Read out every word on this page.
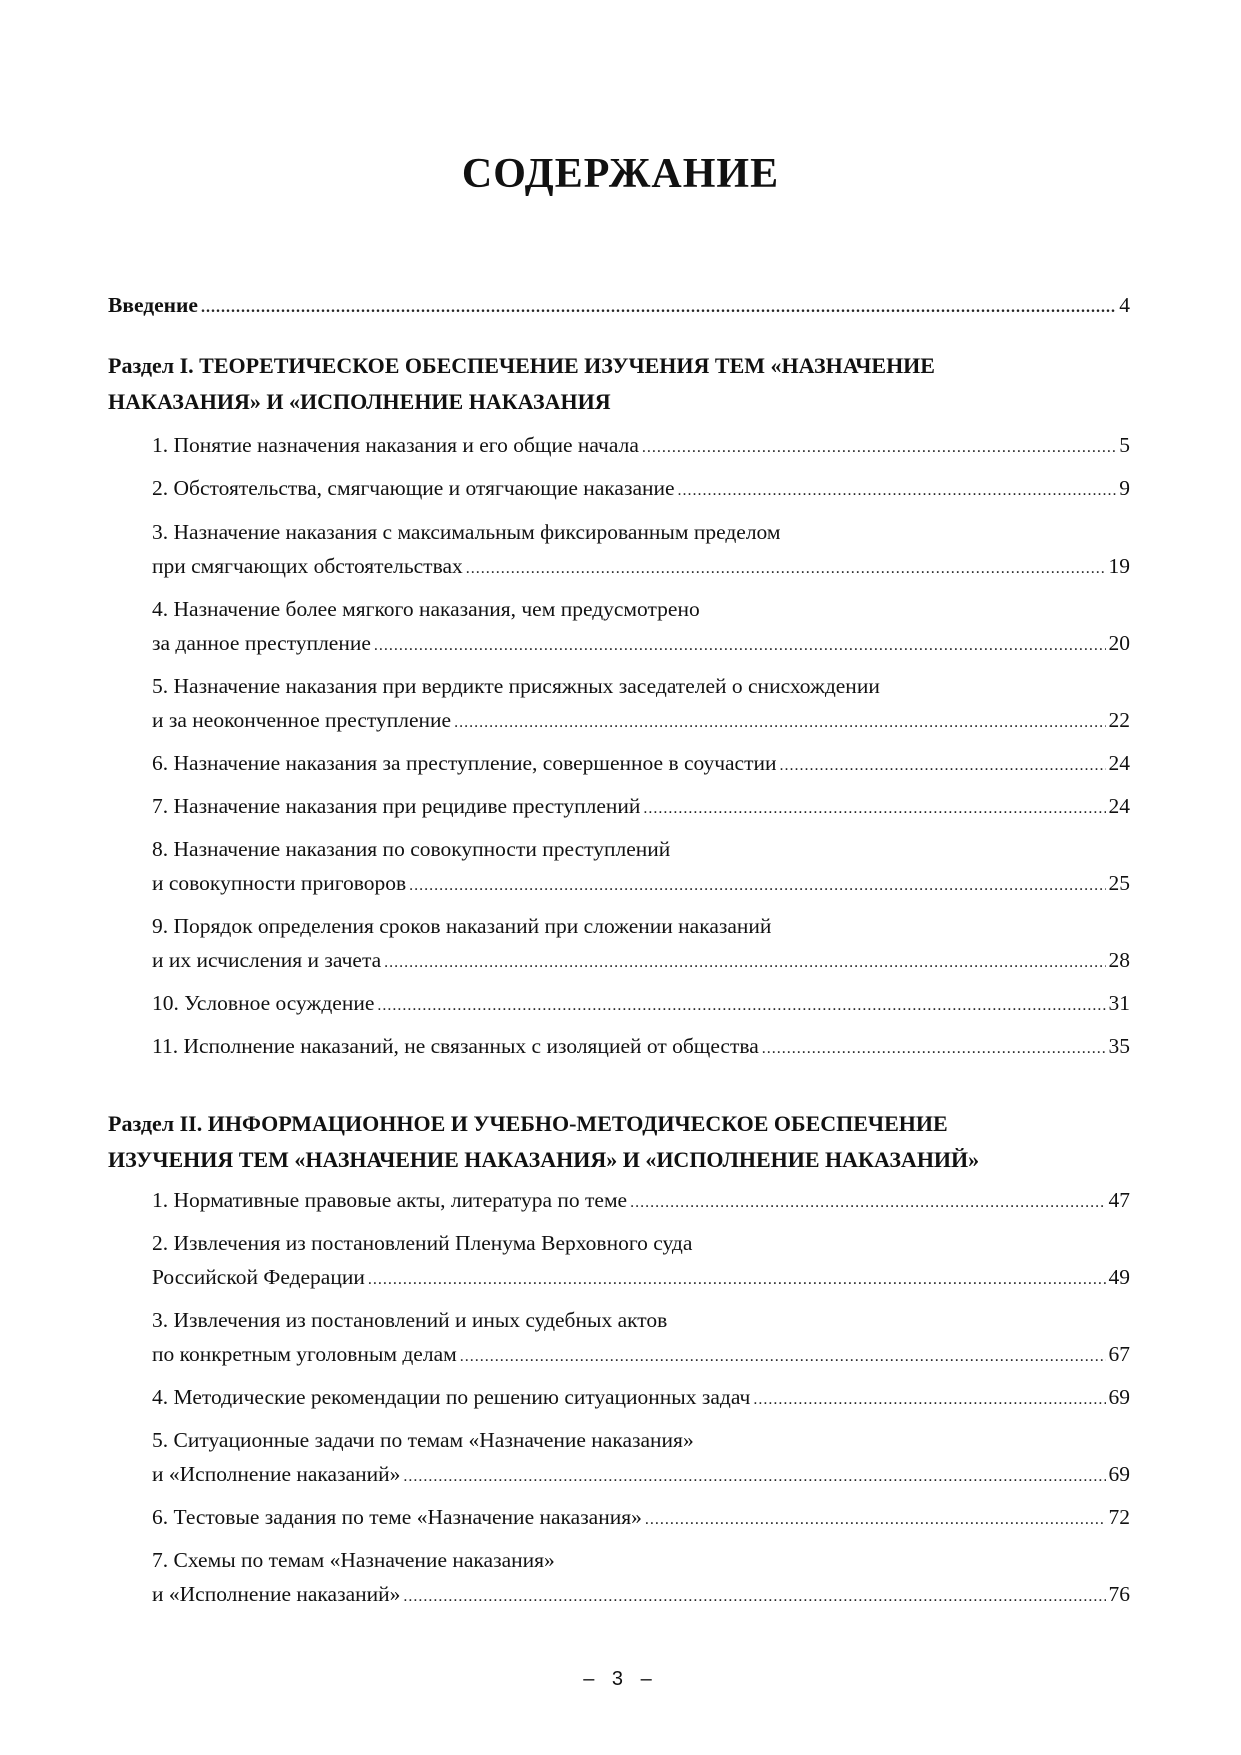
СОДЕРЖАНИЕ
Введение .....	4
Раздел I. ТЕОРЕТИЧЕСКОЕ ОБЕСПЕЧЕНИЕ ИЗУЧЕНИЯ ТЕМ «НАЗНАЧЕНИЕ
НАКАЗАНИЯ» И «ИСПОЛНЕНИЕ НАКАЗАНИЯ
1. Понятие назначения наказания и его общие начала .....	5
2. Обстоятельства, смягчающие и отягчающие наказание .....	9
3. Назначение наказания с максимальным фиксированным пределом
при смягчающих обстоятельствах .....	19
4. Назначение более мягкого наказания, чем предусмотрено
за данное преступление .....	20
5. Назначение наказания при вердикте присяжных заседателей о снисхождении
и за неоконченное преступление .....	22
6. Назначение наказания за преступление, совершенное в соучастии .....	24
7. Назначение наказания при рецидиве преступлений .....	24
8. Назначение наказания по совокупности преступлений
и совокупности приговоров .....	25
9. Порядок определения сроков наказаний при сложении наказаний
и их исчисления и зачета .....	28
10. Условное осуждение .....	31
11. Исполнение наказаний, не связанных с изоляцией от общества .....	35
Раздел II. ИНФОРМАЦИОННОЕ И УЧЕБНО-МЕТОДИЧЕСКОЕ ОБЕСПЕЧЕНИЕ
ИЗУЧЕНИЯ ТЕМ «НАЗНАЧЕНИЕ НАКАЗАНИЯ» И «ИСПОЛНЕНИЕ НАКАЗАНИЙ»
1. Нормативные правовые акты, литература по теме .....	47
2. Извлечения из постановлений Пленума Верховного суда
Российской Федерации .....	49
3. Извлечения из постановлений и иных судебных актов
по конкретным уголовным делам .....	67
4. Методические рекомендации по решению ситуационных задач .....	69
5. Ситуационные задачи по темам «Назначение наказания»
и «Исполнение наказаний» .....	69
6. Тестовые задания по теме «Назначение наказания» .....	72
7. Схемы по темам «Назначение наказания»
и «Исполнение наказаний» .....	76
– 3 –
